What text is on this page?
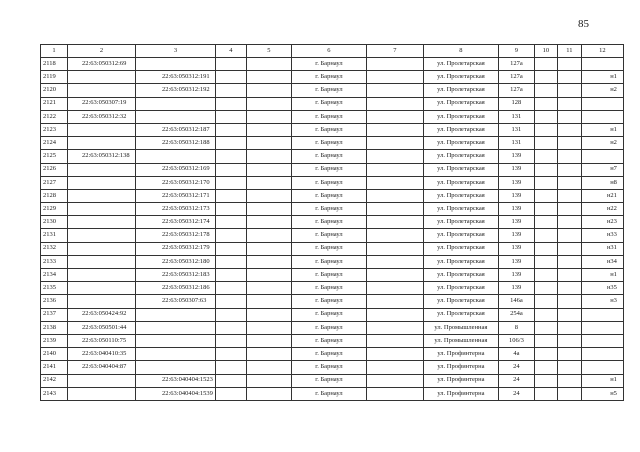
85
1	2	3	4	5	6	7	8	9	10	11	12
2118	22:63:050312:69				г. Барнаул		ул. Пролетарская	127а			
2119		22:63:050312:191			г. Барнаул		ул. Пролетарская	127а			н1
2120		22:63:050312:192			г. Барнаул		ул. Пролетарская	127а			н2
2121	22:63:050307:19				г. Барнаул		ул. Пролетарская	128			
2122	22:63:050312:32				г. Барнаул		ул. Пролетарская	131			
2123		22:63:050312:187			г. Барнаул		ул. Пролетарская	131			н1
2124		22:63:050312:188			г. Барнаул		ул. Пролетарская	131			н2
2125	22:63:050312:138				г. Барнаул		ул. Пролетарская	139			
2126		22:63:050312:169			г. Барнаул		ул. Пролетарская	139			н7
2127		22:63:050312:170			г. Барнаул		ул. Пролетарская	139			н8
2128		22:63:050312:171			г. Барнаул		ул. Пролетарская	139			н21
2129		22:63:050312:173			г. Барнаул		ул. Пролетарская	139			н22
2130		22:63:050312:174			г. Барнаул		ул. Пролетарская	139			н23
2131		22:63:050312:178			г. Барнаул		ул. Пролетарская	139			н33
2132		22:63:050312:179			г. Барнаул		ул. Пролетарская	139			н31
2133		22:63:050312:180			г. Барнаул		ул. Пролетарская	139			н34
2134		22:63:050312:183			г. Барнаул		ул. Пролетарская	139			н1
2135		22:63:050312:186			г. Барнаул		ул. Пролетарская	139			н35
2136		22:63:050307:63			г. Барнаул		ул. Пролетарская	146а			н3
2137	22:63:050424:92				г. Барнаул		ул. Пролетарская	254а			
2138	22:63:050501:44				г. Барнаул		ул. Промышленная	8			
2139	22:63:050110:75				г. Барнаул		ул. Промышленная	106/3			
2140	22:63:040410:35				г. Барнаул		ул. Профинтерна	4а			
2141	22:63:040404:87				г. Барнаул		ул. Профинтерна	24			
2142		22:63:040404:1523			г. Барнаул		ул. Профинтерна	24			н1
2143		22:63:040404:1539			г. Барнаул		ул. Профинтерна	24			н5
